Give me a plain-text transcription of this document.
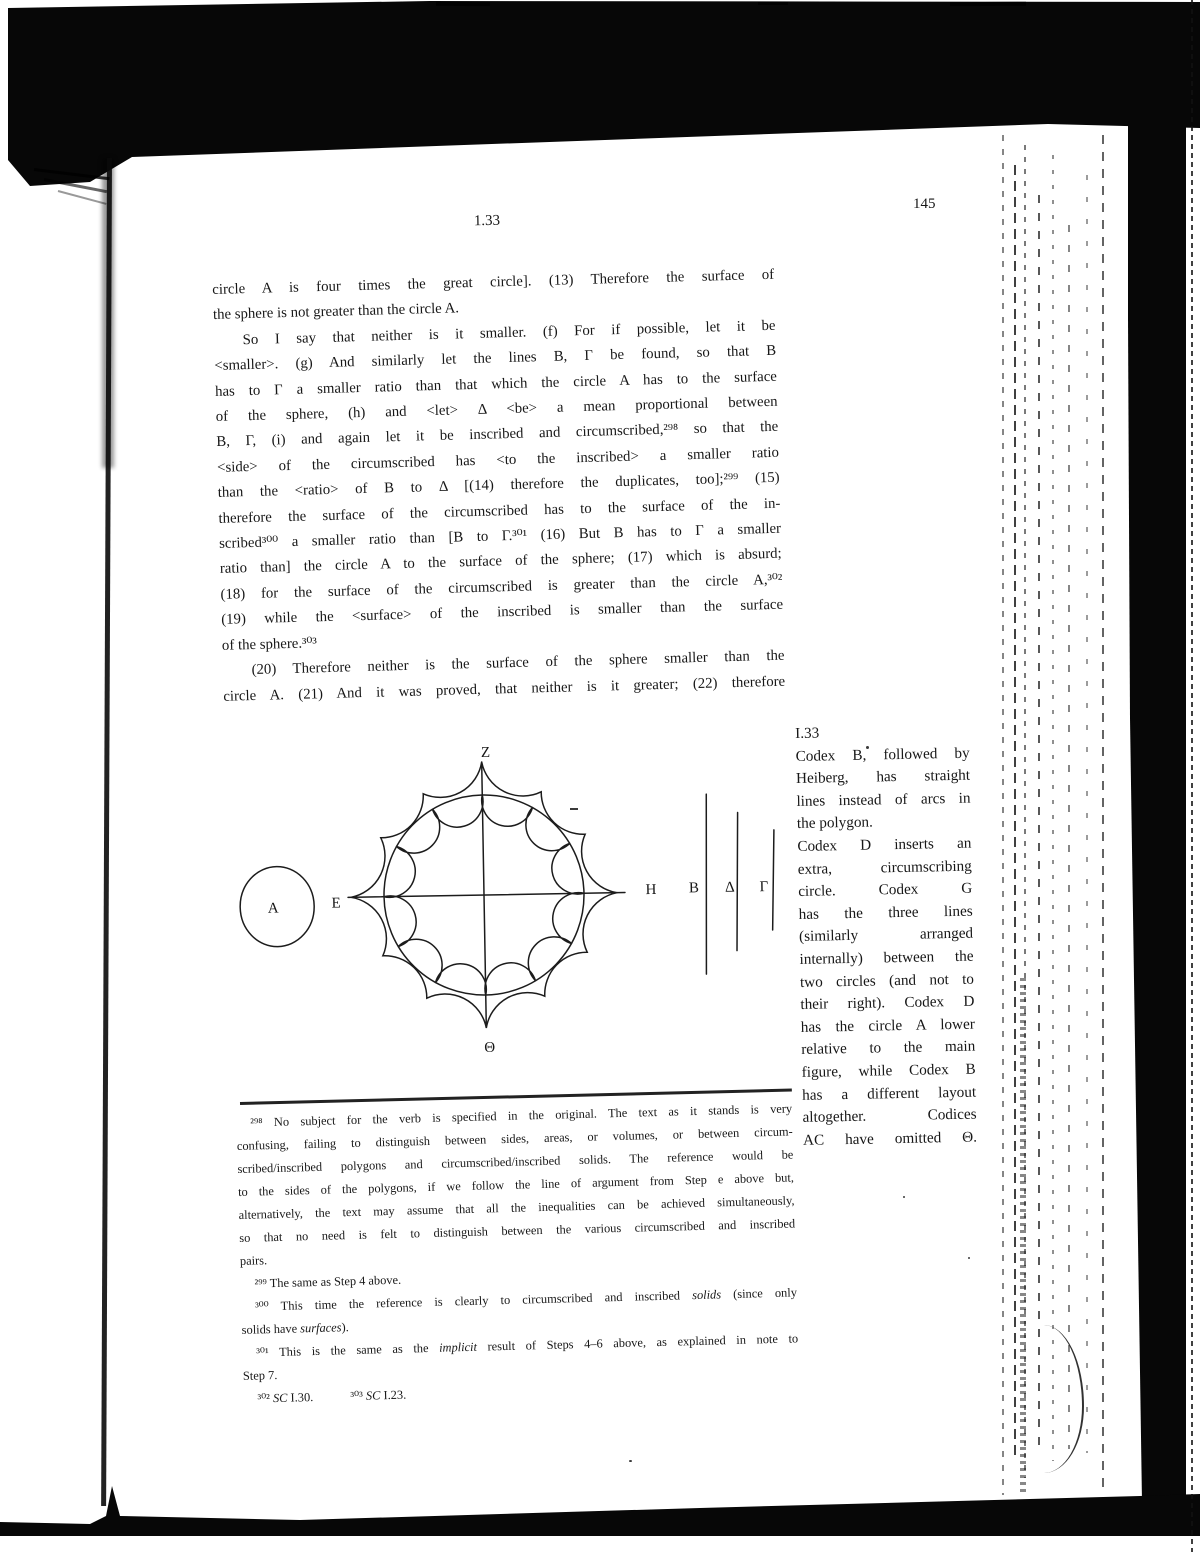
1.33
145
circle A is four times the great circle]. (13) Therefore the surface of
the sphere is not greater than the circle A.
So I say that neither is it smaller. (f) For if possible, let it be
<smaller>. (g) And similarly let the lines B, Γ be found, so that B
has to Γ a smaller ratio than that which the circle A has to the surface
of the sphere, (h) and <let> Δ <be> a mean proportional between
B, Γ, (i) and again let it be inscribed and circumscribed,²⁹⁸ so that the
<side> of the circumscribed has <to the inscribed> a smaller ratio
than the <ratio> of B to Δ [(14) therefore the duplicates, too];²⁹⁹ (15)
therefore the surface of the circumscribed has to the surface of the in-
scribed³⁰⁰ a smaller ratio than [B to Γ.³⁰¹ (16) But B has to Γ a smaller
ratio than] the circle A to the surface of the sphere; (17) which is absurd;
(18) for the surface of the circumscribed is greater than the circle A,³⁰²
(19) while the <surface> of the inscribed is smaller than the surface
of the sphere.³⁰³
(20) Therefore neither is the surface of the sphere smaller than the
circle A. (21) And it was proved, that neither is it greater; (22) therefore
I.33
Codex B, followed by
Heiberg, has straight
lines instead of arcs in
the polygon.
Codex D inserts an
extra, circumscribing
circle. Codex G
has the three lines
(similarly arranged
internally) between the
two circles (and not to
their right). Codex D
has the circle A lower
relative to the main
figure, while Codex B
has a different layout
altogether. Codices
AC have omitted Θ.
A
Z
Θ
E
H B Δ Γ
²⁹⁸ No subject for the verb is specified in the original. The text as it stands is very
confusing, failing to distinguish between sides, areas, or volumes, or between circum-
scribed/inscribed polygons and circumscribed/inscribed solids. The reference would be
to the sides of the polygons, if we follow the line of argument from Step e above but,
alternatively, the text may assume that all the inequalities can be achieved simultaneously,
so that no need is felt to distinguish between the various circumscribed and inscribed
pairs.
²⁹⁹ The same as Step 4 above.
³⁰⁰ This time the reference is clearly to circumscribed and inscribed solids (since only
solids have surfaces).
³⁰¹ This is the same as the implicit result of Steps 4–6 above, as explained in note to
Step 7.
³⁰² SC I.30.   ³⁰³ SC I.23.
